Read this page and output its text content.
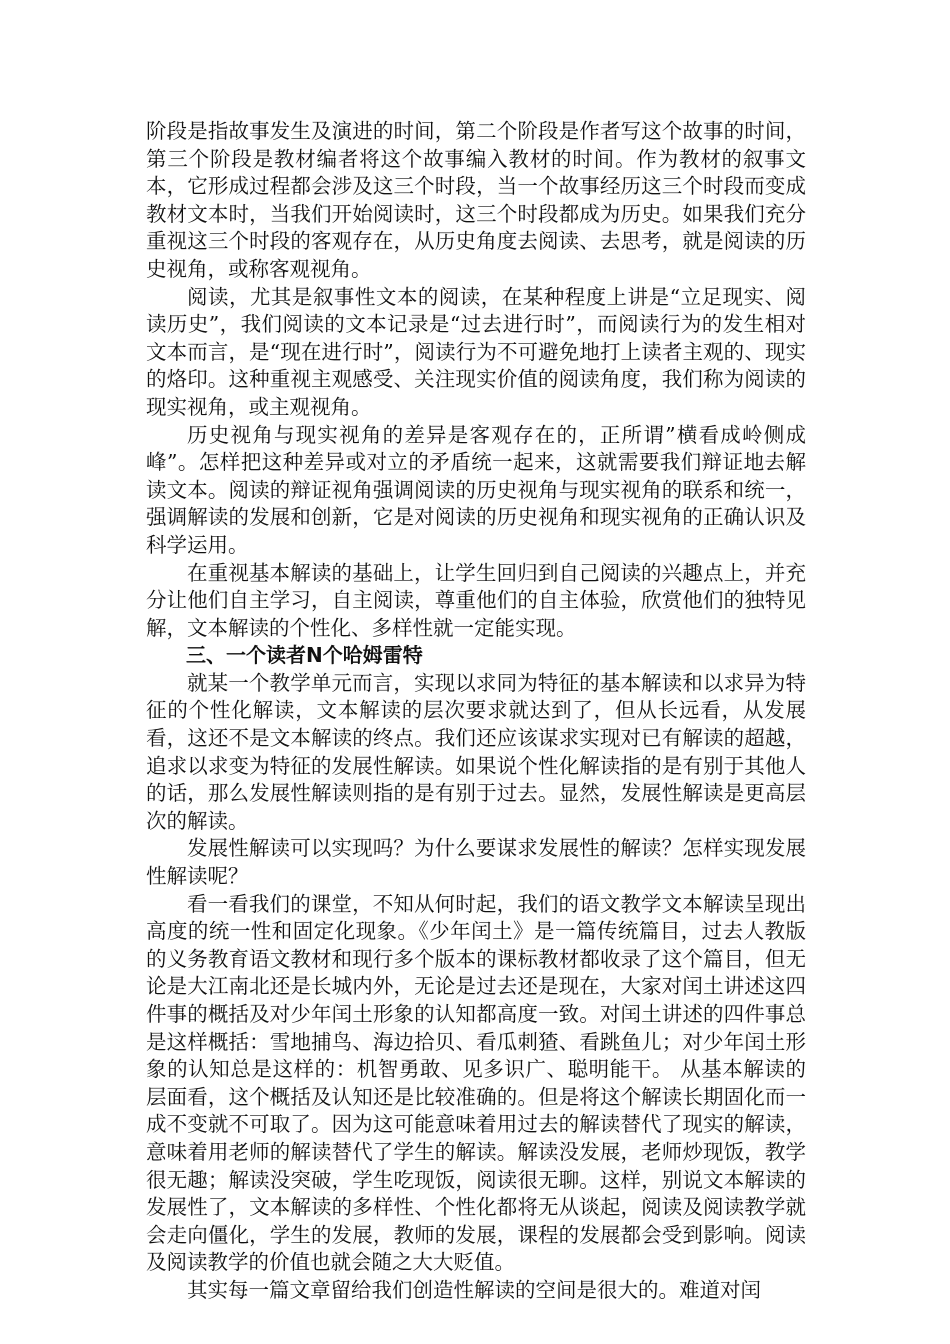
阶段是指故事发生及演进的时间，第二个阶段是作者写这个故事的时间，第三个阶段是教材编者将这个故事编入教材的时间。作为教材的叙事文本，它形成过程都会涉及这三个时段，当一个故事经历这三个时段而变成教材文本时，当我们开始阅读时，这三个时段都成为历史。如果我们充分重视这三个时段的客观存在，从历史角度去阅读、去思考，就是阅读的历史视角，或称客观视角。

阅读，尤其是叙事性文本的阅读，在某种程度上讲是“立足现实、阅读历史”，我们阅读的文本记录是“过去进行时”，而阅读行为的发生相对文本而言，是“现在进行时”，阅读行为不可避免地打上读者主观的、现实的烙印。这种重视主观感受、关注现实价值的阅读角度，我们称为阅读的现实视角，或主观视角。

历史视角与现实视角的差异是客观存在的，正所谓”横看成岭侧成峰”。怎样把这种差异或对立的矛盾统一起来，这就需要我们辩证地去解读文本。阅读的辩证视角强调阅读的历史视角与现实视角的联系和统一，强调解读的发展和创新，它是对阅读的历史视角和现实视角的正确认识及科学运用。

在重视基本解读的基础上，让学生回归到自己阅读的兴趣点上，并充分让他们自主学习，自主阅读，尊重他们的自主体验，欣赏他们的独特见解，文本解读的个性化、多样性就一定能实现。

三、一个读者N个哈姆雷特

就某一个教学单元而言，实现以求同为特征的基本解读和以求异为特征的个性化解读，文本解读的层次要求就达到了，但从长远看，从发展看，这还不是文本解读的终点。我们还应该谋求实现对已有解读的超越，追求以求变为特征的发展性解读。如果说个性化解读指的是有别于其他人的话，那么发展性解读则指的是有别于过去。显然，发展性解读是更高层次的解读。

发展性解读可以实现吗？为什么要谋求发展性的解读？怎样实现发展性解读呢？

看一看我们的课堂，不知从何时起，我们的语文教学文本解读呈现出高度的统一性和固定化现象。《少年闰土》是一篇传统篇目，过去人教版的义务教育语文教材和现行多个版本的课标教材都收录了这个篇目，但无论是大江南北还是长城内外，无论是过去还是现在，大家对闰土讲述这四件事的概括及对少年闰土形象的认知都高度一致。对闰土讲述的四件事总是这样概括：雪地捕鸟、海边拾贝、看瓜刺猹、看跳鱼儿；对少年闰土形象的认知总是这样的：机智勇敢、见多识广、聪明能干。 从基本解读的层面看，这个概括及认知还是比较准确的。但是将这个解读长期固化而一成不变就不可取了。因为这可能意味着用过去的解读替代了现实的解读，意味着用老师的解读替代了学生的解读。解读没发展，老师炒现饭，教学很无趣；解读没突破，学生吃现饭，阅读很无聊。这样，别说文本解读的发展性了，文本解读的多样性、个性化都将无从谈起，阅读及阅读教学就会走向僵化，学生的发展，教师的发展，课程的发展都会受到影响。阅读及阅读教学的价值也就会随之大大贬值。

其实每一篇文章留给我们创造性解读的空间是很大的。难道对闰
